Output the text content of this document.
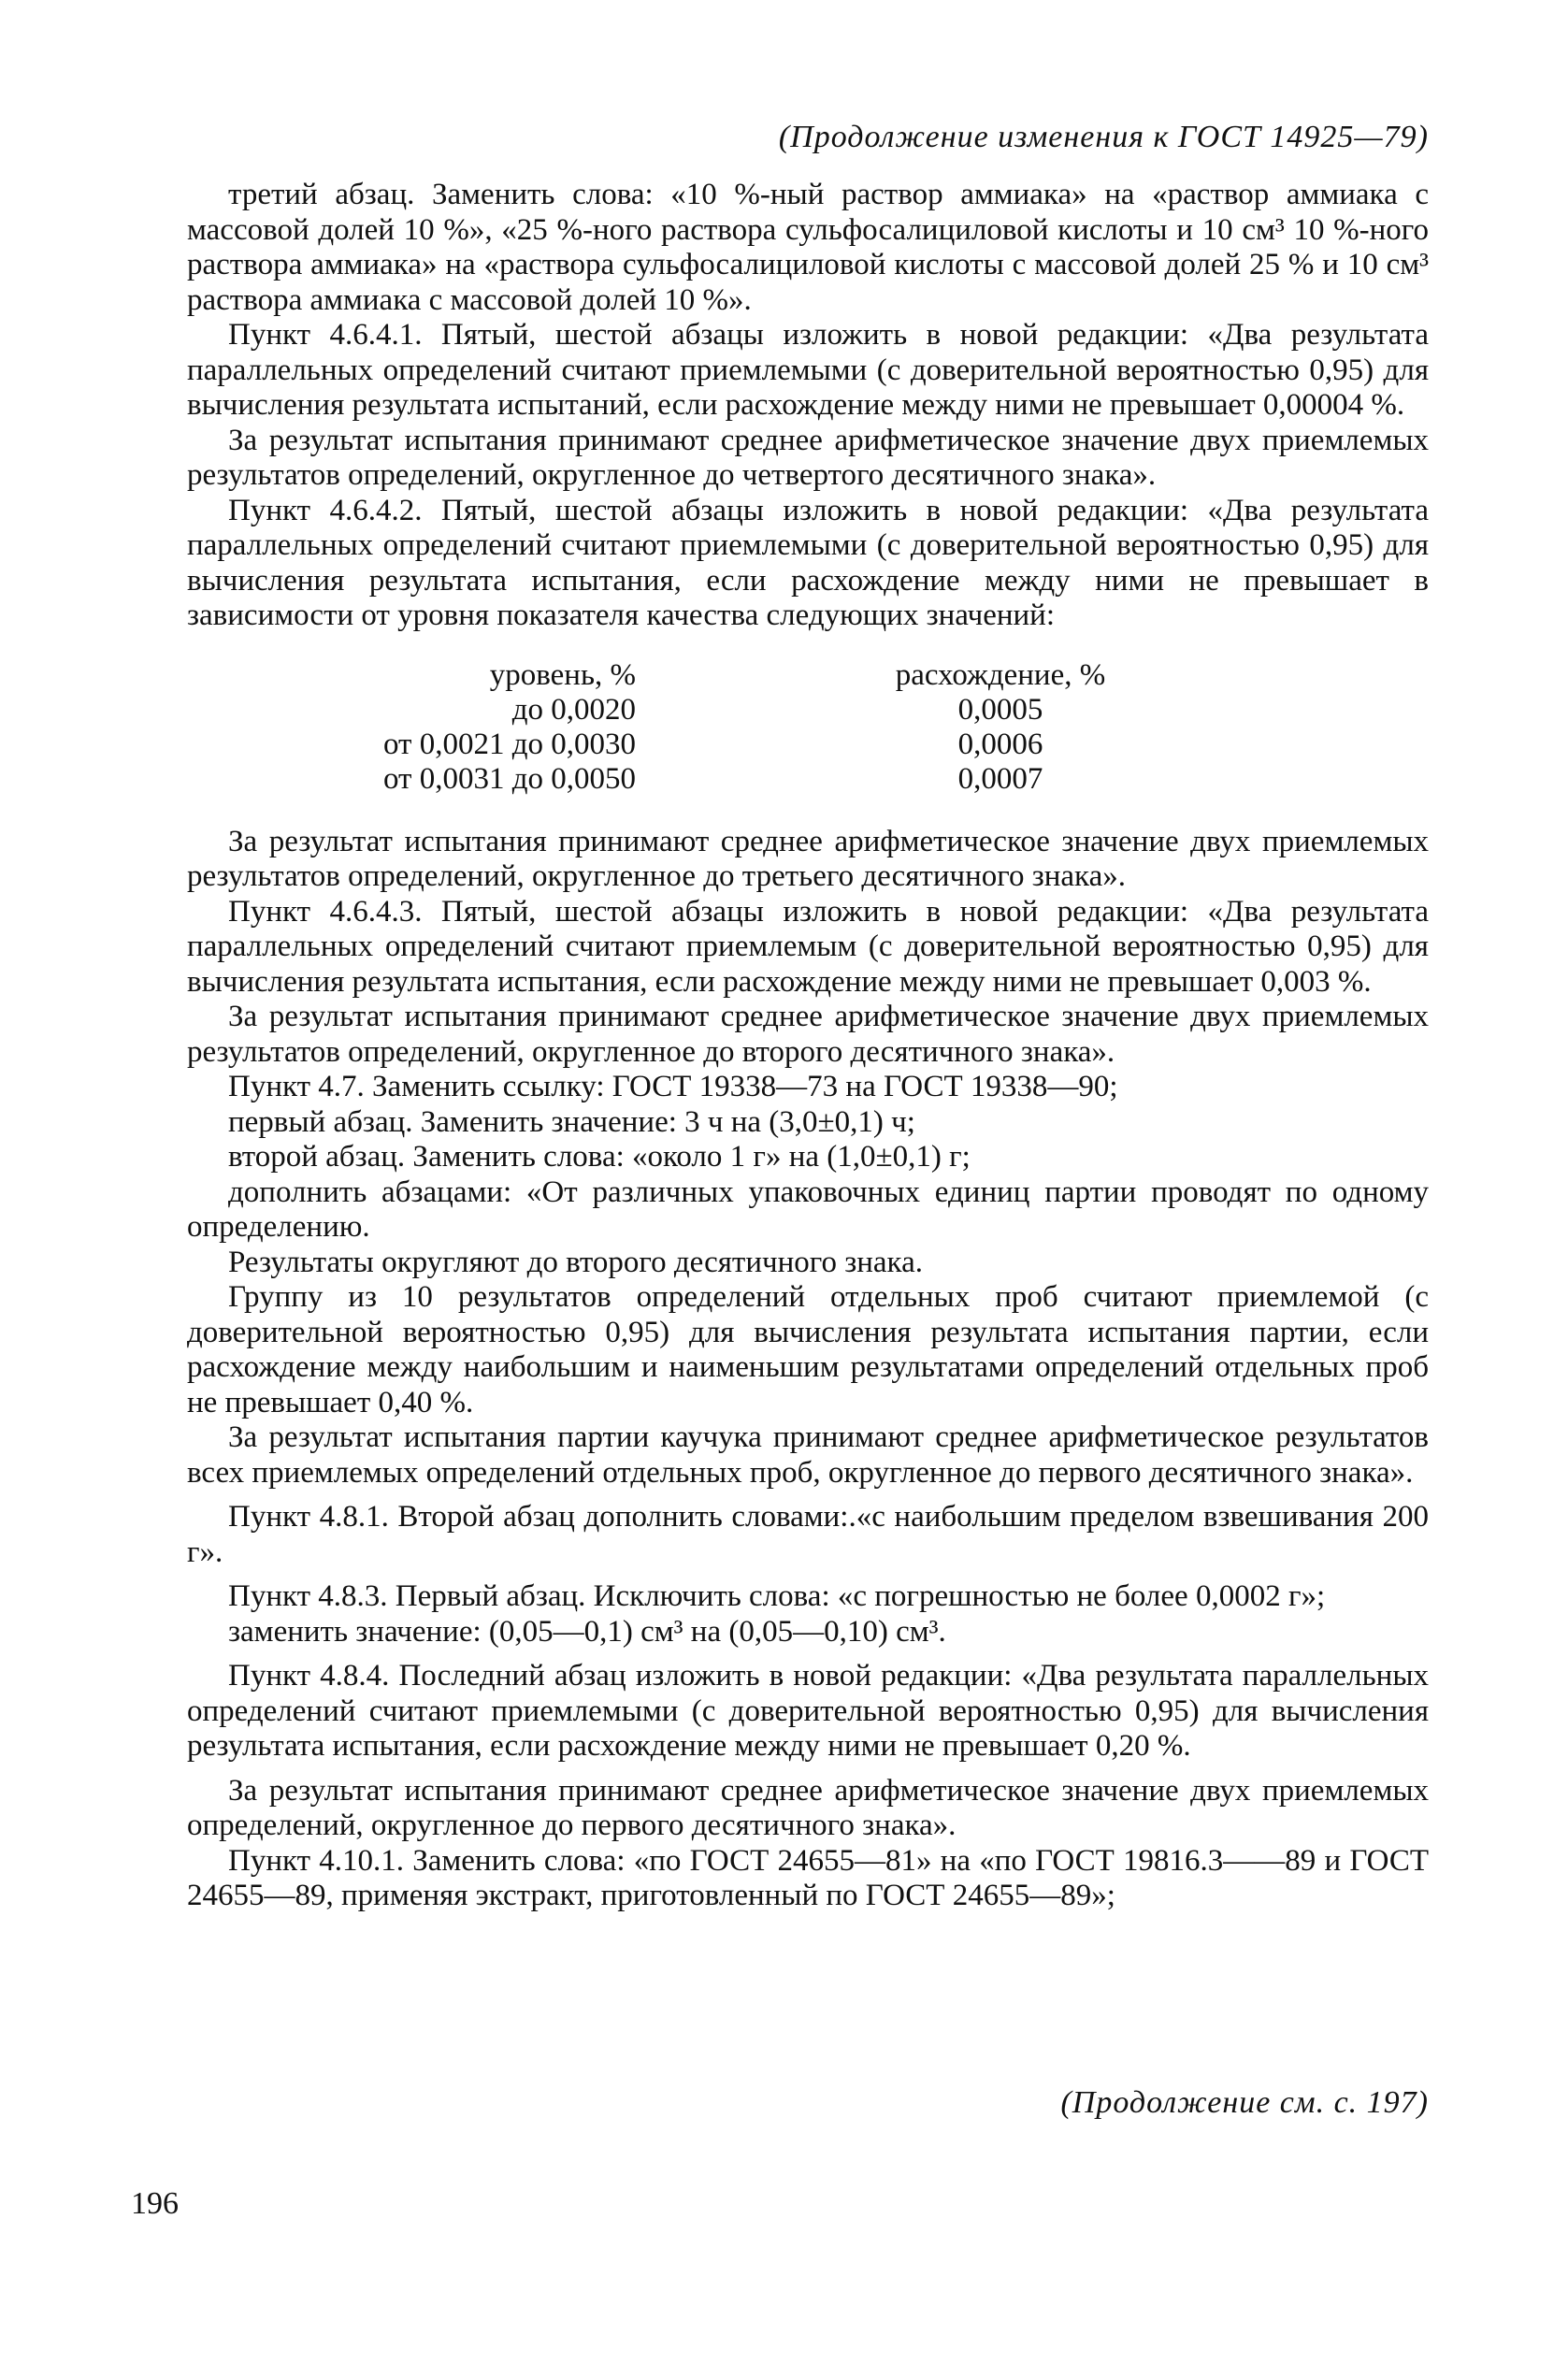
(Продолжение изменения к ГОСТ 14925—79)

третий абзац. Заменить слова: «10 %-ный раствор аммиака» на «раствор аммиака с массовой долей 10 %», «25 %-ного раствора сульфосалициловой кислоты и 10 см³ 10 %-ного раствора аммиака» на «раствора сульфосалициловой кислоты с массовой долей 25 % и 10 см³ раствора аммиака с массовой долей 10 %».

Пункт 4.6.4.1. Пятый, шестой абзацы изложить в новой редакции: «Два результата параллельных определений считают приемлемыми (с доверительной вероятностью 0,95) для вычисления результата испытаний, если расхождение между ними не превышает 0,00004 %.

За результат испытания принимают среднее арифметическое значение двух приемлемых результатов определений, округленное до четвертого десятичного знака».

Пункт 4.6.4.2. Пятый, шестой абзацы изложить в новой редакции: «Два результата параллельных определений считают приемлемыми (с доверительной вероятностью 0,95) для вычисления результата испытания, если расхождение между ними не превышает в зависимости от уровня показателя качества следующих значений:

уровень, %
до 0,0020
от 0,0021 до 0,0030
от 0,0031 до 0,0050
расхождение, %
0,0005
0,0006
0,0007

За результат испытания принимают среднее арифметическое значение двух приемлемых результатов определений, округленное до третьего десятичного знака».

Пункт 4.6.4.3. Пятый, шестой абзацы изложить в новой редакции: «Два результата параллельных определений считают приемлемым (с доверительной вероятностью 0,95) для вычисления результата испытания, если расхождение между ними не превышает 0,003 %.

За результат испытания принимают среднее арифметическое значение двух приемлемых результатов определений, округленное до второго десятичного знака».

Пункт 4.7. Заменить ссылку: ГОСТ 19338—73 на ГОСТ 19338—90;

первый абзац. Заменить значение: 3 ч на (3,0±0,1) ч;

второй абзац. Заменить слова: «около 1 г» на (1,0±0,1) г;

дополнить абзацами: «От различных упаковочных единиц партии проводят по одному определению.

Результаты округляют до второго десятичного знака.

Группу из 10 результатов определений отдельных проб считают приемлемой (с доверительной вероятностью 0,95) для вычисления результата испытания партии, если расхождение между наибольшим и наименьшим результатами определений отдельных проб не превышает 0,40 %.

За результат испытания партии каучука принимают среднее арифметическое результатов всех приемлемых определений отдельных проб, округленное до первого десятичного знака».

Пункт 4.8.1. Второй абзац дополнить словами:.«с наибольшим пределом взвешивания 200 г».

Пункт 4.8.3. Первый абзац. Исключить слова: «с погрешностью не более 0,0002 г»;

заменить значение: (0,05—0,1) см³ на (0,05—0,10) см³.

Пункт 4.8.4. Последний абзац изложить в новой редакции: «Два результата параллельных определений считают приемлемыми (с доверительной вероятностью 0,95) для вычисления результата испытания, если расхождение между ними не превышает 0,20 %.

За результат испытания принимают среднее арифметическое значение двух приемлемых определений, округленное до первого десятичного знака».

Пункт 4.10.1. Заменить слова: «по ГОСТ 24655—81» на «по ГОСТ 19816.3——89 и ГОСТ 24655—89, применяя экстракт, приготовленный по ГОСТ 24655—89»;

(Продолжение см. с. 197)
196
